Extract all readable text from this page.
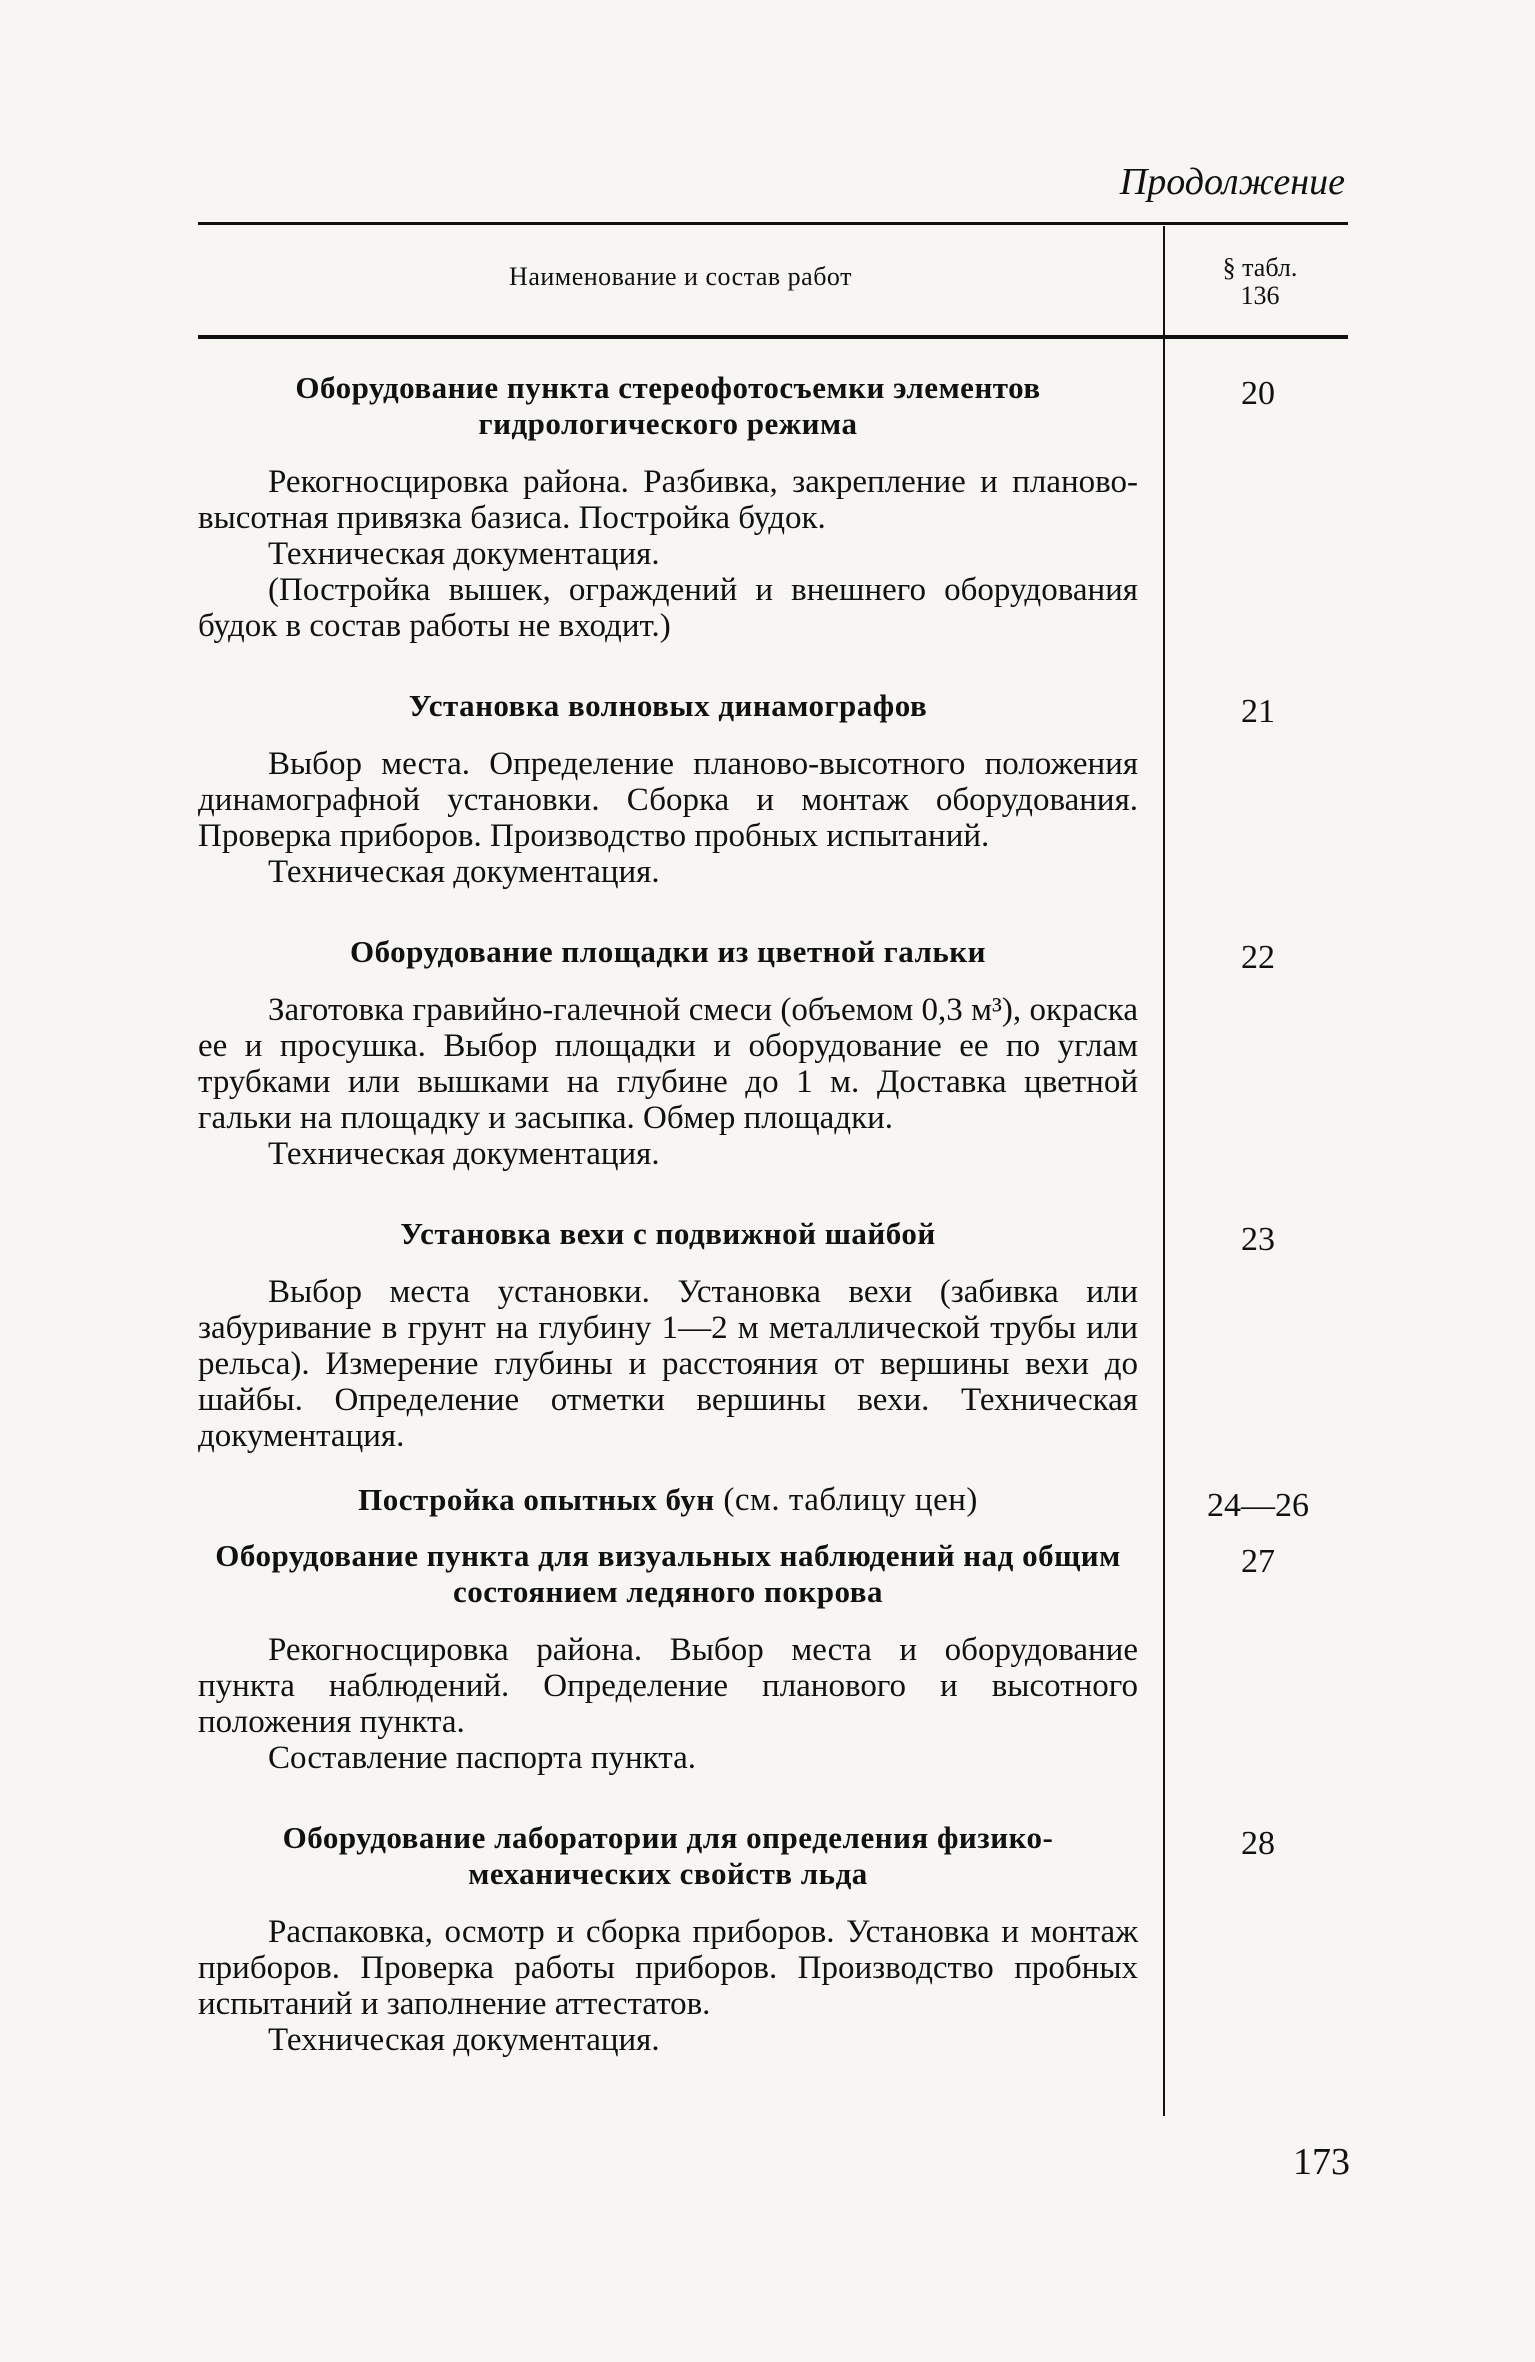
Продолжение
Наименование и состав работ	§ табл.
136
Оборудование пункта стереофотосъемки элементов гидрологического режима
Рекогносцировка района. Разбивка, закрепление и планово-высотная привязка базиса. Постройка будок.
Техническая документация.
(Постройка вышек, ограждений и внешнего оборудования будок в состав работы не входит.)
20
Установка волновых динамографов
Выбор места. Определение планово-высотного положения динамографной установки. Сборка и монтаж оборудования. Проверка приборов. Производство пробных испытаний.
Техническая документация.
21
Оборудование площадки из цветной гальки
Заготовка гравийно-галечной смеси (объемом 0,3 м³), окраска ее и просушка. Выбор площадки и оборудование ее по углам трубками или вышками на глубине до 1 м. Доставка цветной гальки на площадку и засыпка. Обмер площадки.
Техническая документация.
22
Установка вехи с подвижной шайбой
Выбор места установки. Установка вехи (забивка или забуривание в грунт на глубину 1—2 м металлической трубы или рельса). Измерение глубины и расстояния от вершины вехи до шайбы. Определение отметки вершины вехи. Техническая документация.
23
Постройка опытных бун (см. таблицу цен)	24—26
Оборудование пункта для визуальных наблюдений над общим состоянием ледяного покрова
Рекогносцировка района. Выбор места и оборудование пункта наблюдений. Определение планового и высотного положения пункта.
Составление паспорта пункта.
27
Оборудование лаборатории для определения физико-механических свойств льда
Распаковка, осмотр и сборка приборов. Установка и монтаж приборов. Проверка работы приборов. Производство пробных испытаний и заполнение аттестатов.
Техническая документация.
28
173
